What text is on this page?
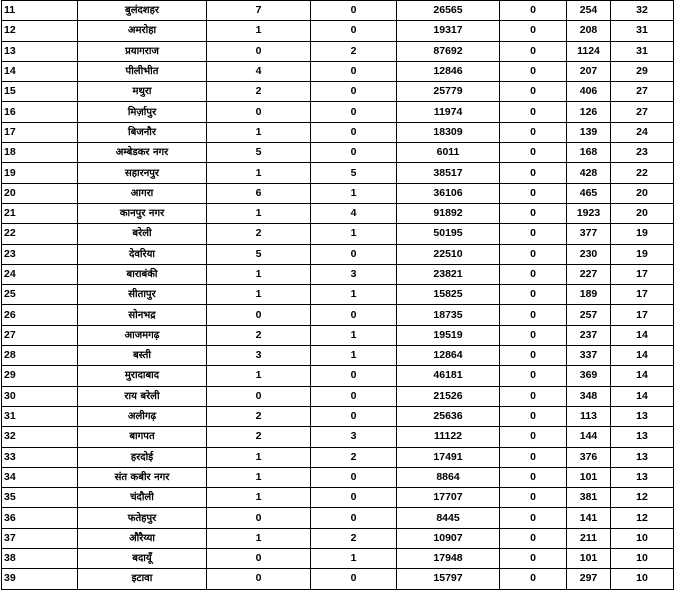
11	बुलंदशहर	7	0	26565	0	254	32
12	अमरोहा	1	0	19317	0	208	31
13	प्रयागराज	0	2	87692	0	1124	31
14	पीलीभीत	4	0	12846	0	207	29
15	मथुरा	2	0	25779	0	406	27
16	मिर्ज़ापुर	0	0	11974	0	126	27
17	बिजनौर	1	0	18309	0	139	24
18	अम्बेडकर नगर	5	0	6011	0	168	23
19	सहारनपुर	1	5	38517	0	428	22
20	आगरा	6	1	36106	0	465	20
21	कानपुर नगर	1	4	91892	0	1923	20
22	बरेली	2	1	50195	0	377	19
23	देवरिया	5	0	22510	0	230	19
24	बाराबंकी	1	3	23821	0	227	17
25	सीतापुर	1	1	15825	0	189	17
26	सोनभद्र	0	0	18735	0	257	17
27	आजमगढ़	2	1	19519	0	237	14
28	बस्ती	3	1	12864	0	337	14
29	मुरादाबाद	1	0	46181	0	369	14
30	राय बरेली	0	0	21526	0	348	14
31	अलीगढ़	2	0	25636	0	113	13
32	बागपत	2	3	11122	0	144	13
33	हरदोई	1	2	17491	0	376	13
34	संत कबीर नगर	1	0	8864	0	101	13
35	चंदौली	1	0	17707	0	381	12
36	फतेहपुर	0	0	8445	0	141	12
37	औरैय्या	1	2	10907	0	211	10
38	बदायूँ	0	1	17948	0	101	10
39	इटावा	0	0	15797	0	297	10
